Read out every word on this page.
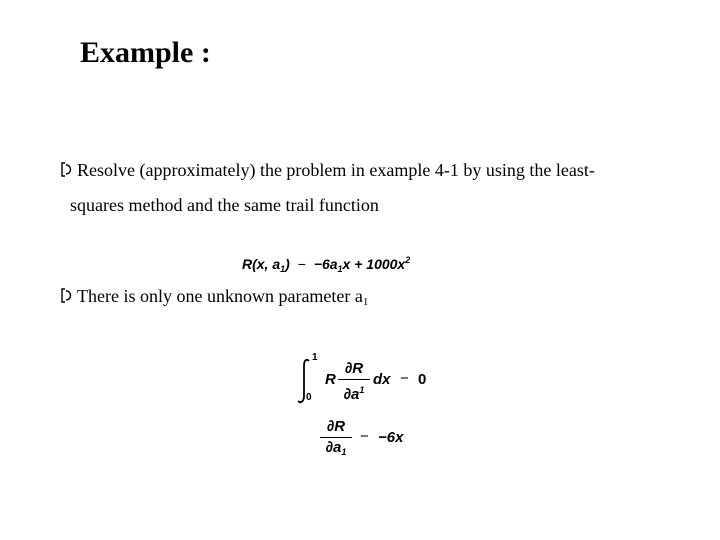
Example :
Resolve (approximately) the problem in example 4-1 by using the least-
squares method and the same trail function
R(x, $a_1) - -6a_1x + 1000x^2$
There is only one unknown parameter $a_1$
1
0
R
∂R
$\partial a^1$
dx − 0
∂R
$\partial a_1$
− −6x
